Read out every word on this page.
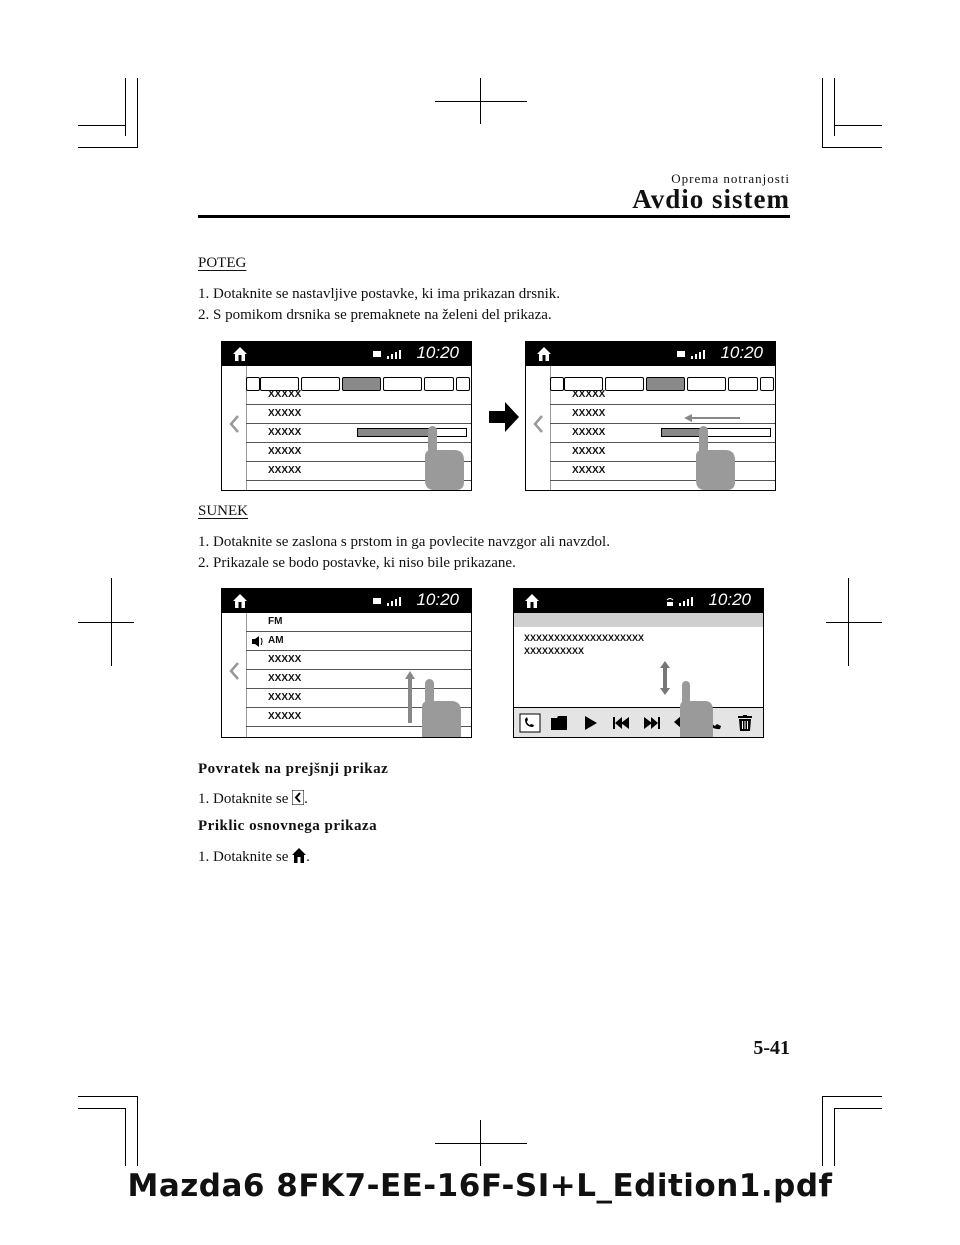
Oprema notranjosti
Avdio sistem
POTEG
1. Dotaknite se nastavljive postavke, ki ima prikazan drsnik.
2. S pomikom drsnika se premaknete na želeni del prikaza.
10:20
XXXXX
XXXXX
XXXXX
XXXXX
XXXXX
10:20
XXXXX
XXXXX
XXXXX
XXXXX
XXXXX
SUNEK
1. Dotaknite se zaslona s prstom in ga povlecite navzgor ali navzdol.
2. Prikazale se bodo postavke, ki niso bile prikazane.
10:20
FM
AM
XXXXX
XXXXX
XXXXX
XXXXX
10:20
XXXXXXXXXXXXXXXXXXXX
XXXXXXXXXX
Povratek na prejšnji prikaz
1. Dotaknite se .
Priklic osnovnega prikaza
1. Dotaknite se .
5-41
Mazda6 8FK7-EE-16F-SI+L_Edition1.pdf
